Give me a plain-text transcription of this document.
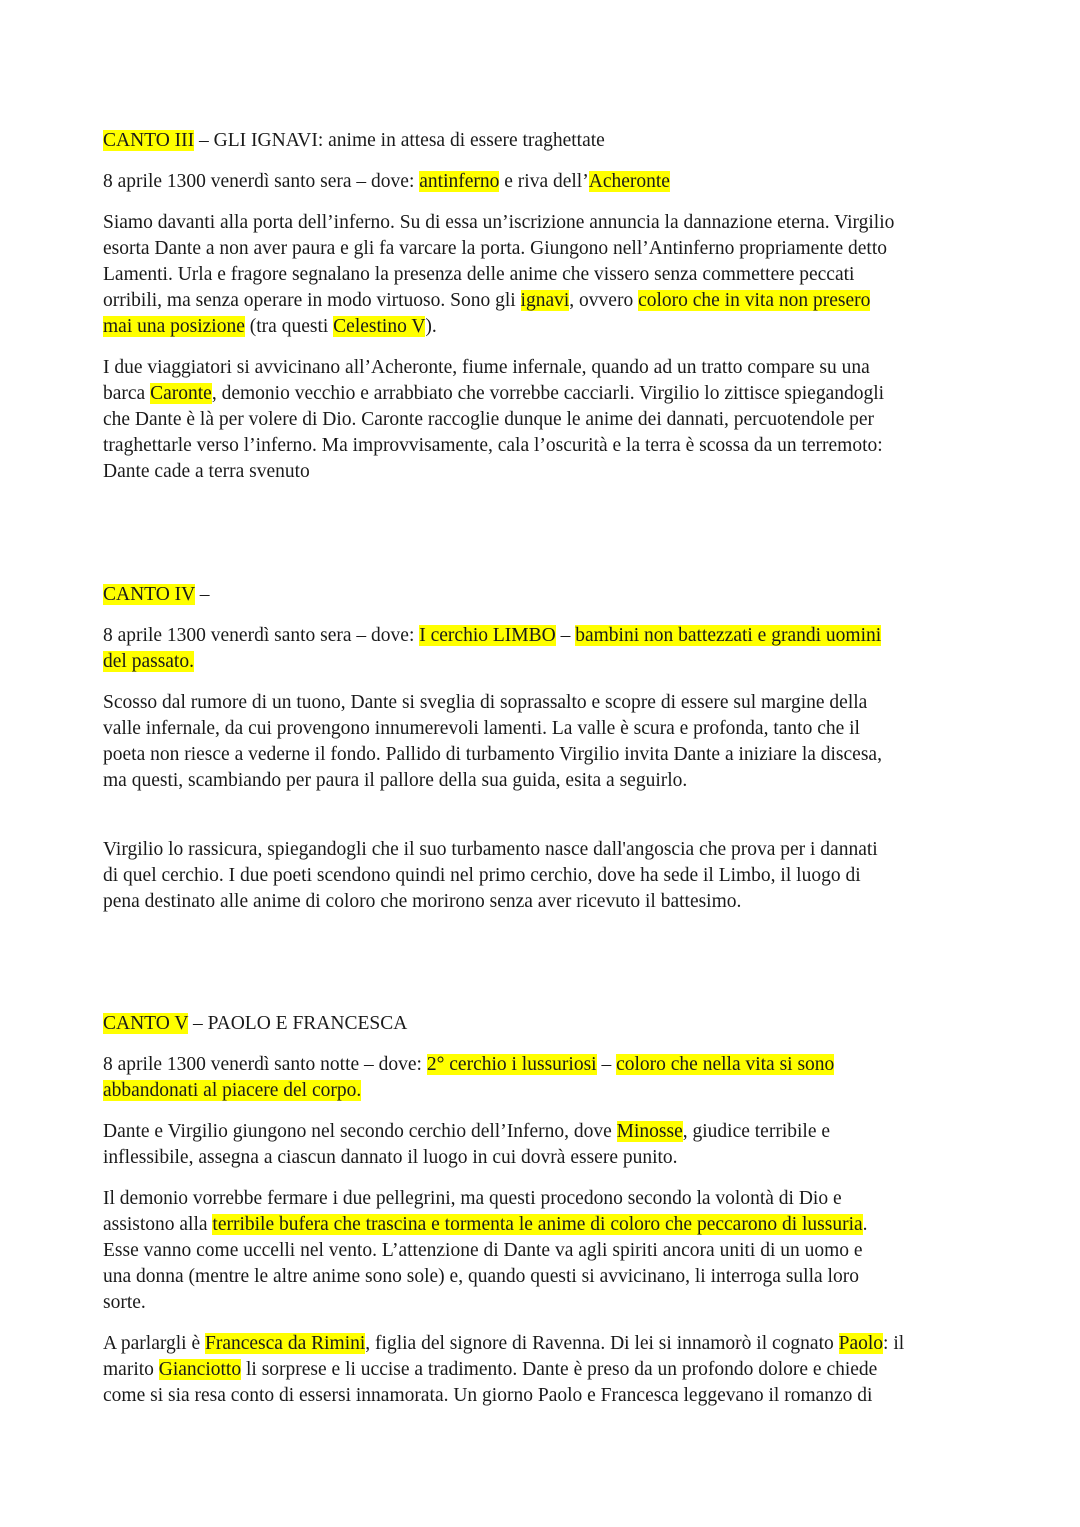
CANTO III – GLI IGNAVI: anime in attesa di essere traghettate
8 aprile 1300 venerdì santo sera – dove: antinferno e riva dell’Acheronte
Siamo davanti alla porta dell’inferno. Su di essa un’iscrizione annuncia la dannazione eterna. Virgilio
esorta Dante a non aver paura e gli fa varcare la porta. Giungono nell’Antinferno propriamente detto
Lamenti. Urla e fragore segnalano la presenza delle anime che vissero senza commettere peccati
orribili, ma senza operare in modo virtuoso. Sono gli ignavi, ovvero coloro che in vita non presero
mai una posizione (tra questi Celestino V).
I due viaggiatori si avvicinano all’Acheronte, fiume infernale, quando ad un tratto compare su una
barca Caronte, demonio vecchio e arrabbiato che vorrebbe cacciarli. Virgilio lo zittisce spiegandogli
che Dante è là per volere di Dio. Caronte raccoglie dunque le anime dei dannati, percuotendole per
traghettarle verso l’inferno. Ma improvvisamente, cala l’oscurità e la terra è scossa da un terremoto:
Dante cade a terra svenuto
CANTO IV –
8 aprile 1300 venerdì santo sera – dove: I cerchio LIMBO – bambini non battezzati e grandi uomini
del passato.
Scosso dal rumore di un tuono, Dante si sveglia di soprassalto e scopre di essere sul margine della
valle infernale, da cui provengono innumerevoli lamenti. La valle è scura e profonda, tanto che il
poeta non riesce a vederne il fondo. Pallido di turbamento Virgilio invita Dante a iniziare la discesa,
ma questi, scambiando per paura il pallore della sua guida, esita a seguirlo.
Virgilio lo rassicura, spiegandogli che il suo turbamento nasce dall'angoscia che prova per i dannati
di quel cerchio. I due poeti scendono quindi nel primo cerchio, dove ha sede il Limbo, il luogo di
pena destinato alle anime di coloro che morirono senza aver ricevuto il battesimo.
CANTO V – PAOLO E FRANCESCA
8 aprile 1300 venerdì santo notte – dove: 2° cerchio i lussuriosi – coloro che nella vita si sono
abbandonati al piacere del corpo.
Dante e Virgilio giungono nel secondo cerchio dell’Inferno, dove Minosse, giudice terribile e
inflessibile, assegna a ciascun dannato il luogo in cui dovrà essere punito.
Il demonio vorrebbe fermare i due pellegrini, ma questi procedono secondo la volontà di Dio e
assistono alla terribile bufera che trascina e tormenta le anime di coloro che peccarono di lussuria.
Esse vanno come uccelli nel vento. L’attenzione di Dante va agli spiriti ancora uniti di un uomo e
una donna (mentre le altre anime sono sole) e, quando questi si avvicinano, li interroga sulla loro
sorte.
A parlargli è Francesca da Rimini, figlia del signore di Ravenna. Di lei si innamorò il cognato Paolo: il
marito Gianciotto li sorprese e li uccise a tradimento. Dante è preso da un profondo dolore e chiede
come si sia resa conto di essersi innamorata. Un giorno Paolo e Francesca leggevano il romanzo di
